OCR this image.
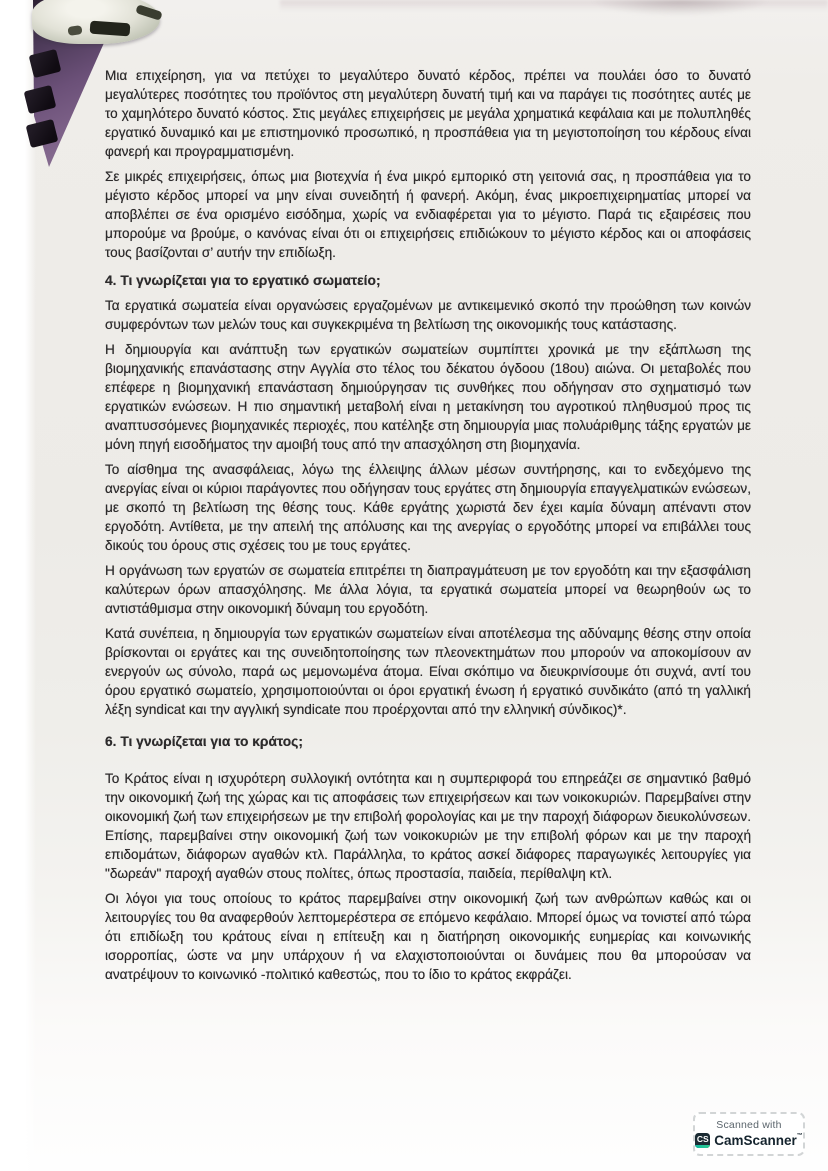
Μια επιχείρηση, για να πετύχει το μεγαλύτερο δυνατό κέρδος, πρέπει να πουλάει όσο το δυνατό μεγαλύτερες ποσότητες του προϊόντος στη μεγαλύτερη δυνατή τιμή και να παράγει τις ποσότητες αυτές με το χαμηλότερο δυνατό κόστος. Στις μεγάλες επιχειρήσεις με μεγάλα χρηματικά κεφάλαια και με πολυπληθές εργατικό δυναμικό και με επιστημονικό προσωπικό, η προσπάθεια για τη μεγιστοποίηση του κέρδους είναι φανερή και προγραμματισμένη.

Σε μικρές επιχειρήσεις, όπως μια βιοτεχνία ή ένα μικρό εμπορικό στη γειτονιά σας, η προσπάθεια για το μέγιστο κέρδος μπορεί να μην είναι συνειδητή ή φανερή. Ακόμη, ένας μικροεπιχειρηματίας μπορεί να αποβλέπει σε ένα ορισμένο εισόδημα, χωρίς να ενδιαφέρεται για το μέγιστο. Παρά τις εξαιρέσεις που μπορούμε να βρούμε, ο κανόνας είναι ότι οι επιχειρήσεις επιδιώκουν το μέγιστο κέρδος και οι αποφάσεις τους βασίζονται σ’ αυτήν την επιδίωξη.

4. Τι γνωρίζεται για το εργατικό σωματείο;

Τα εργατικά σωματεία είναι οργανώσεις εργαζομένων με αντικειμενικό σκοπό την προώθηση των κοινών συμφερόντων των μελών τους και συγκεκριμένα τη βελτίωση της οικονομικής τους κατάστασης.

Η δημιουργία και ανάπτυξη των εργατικών σωματείων συμπίπτει χρονικά με την εξάπλωση της βιομηχανικής επανάστασης στην Αγγλία στο τέλος του δέκατου όγδοου (18ου) αιώνα. Οι μεταβολές που επέφερε η βιομηχανική επανάσταση δημιούργησαν τις συνθήκες που οδήγησαν στο σχηματισμό των εργατικών ενώσεων. Η πιο σημαντική μεταβολή είναι η μετακίνηση του αγροτικού πληθυσμού προς τις αναπτυσσόμενες βιομηχανικές περιοχές, που κατέληξε στη δημιουργία μιας πολυάριθμης τάξης εργατών με μόνη πηγή εισοδήματος την αμοιβή τους από την απασχόληση στη βιομηχανία.

Το αίσθημα της ανασφάλειας, λόγω της έλλειψης άλλων μέσων συντήρησης, και το ενδεχόμενο της ανεργίας είναι οι κύριοι παράγοντες που οδήγησαν τους εργάτες στη δημιουργία επαγγελματικών ενώσεων, με σκοπό τη βελτίωση της θέσης τους. Κάθε εργάτης χωριστά δεν έχει καμία δύναμη απέναντι στον εργοδότη. Αντίθετα, με την απειλή της απόλυσης και της ανεργίας ο εργοδότης μπορεί να επιβάλλει τους δικούς του όρους στις σχέσεις του με τους εργάτες.

Η οργάνωση των εργατών σε σωματεία επιτρέπει τη διαπραγμάτευση με τον εργοδότη και την εξασφάλιση καλύτερων όρων απασχόλησης. Με άλλα λόγια, τα εργατικά σωματεία μπορεί να θεωρηθούν ως το αντιστάθμισμα στην οικονομική δύναμη του εργοδότη.

Κατά συνέπεια, η δημιουργία των εργατικών σωματείων είναι αποτέλεσμα της αδύναμης θέσης στην οποία βρίσκονται οι εργάτες και της συνειδητοποίησης των πλεονεκτημάτων που μπορούν να αποκομίσουν αν ενεργούν ως σύνολο, παρά ως μεμονωμένα άτομα. Είναι σκόπιμο να διευκρινίσουμε ότι συχνά, αντί του όρου εργατικό σωματείο, χρησιμοποιούνται οι όροι εργατική ένωση ή εργατικό συνδικάτο (από τη γαλλική λέξη syndicat και την αγγλική syndicate που προέρχονται από την ελληνική σύνδικος)*.

6. Τι γνωρίζεται για το κράτος;

Το Κράτος είναι η ισχυρότερη συλλογική οντότητα και η συμπεριφορά του επηρεάζει σε σημαντικό βαθμό την οικονομική ζωή της χώρας και τις αποφάσεις των επιχειρήσεων και των νοικοκυριών. Παρεμβαίνει στην οικονομική ζωή των επιχειρήσεων με την επιβολή φορολογίας και με την παροχή διάφορων διευκολύνσεων. Επίσης, παρεμβαίνει στην οικονομική ζωή των νοικοκυριών με την επιβολή φόρων και με την παροχή επιδομάτων, διάφορων αγαθών κτλ. Παράλληλα, το κράτος ασκεί διάφορες παραγωγικές λειτουργίες για "δωρεάν" παροχή αγαθών στους πολίτες, όπως προστασία, παιδεία, περίθαλψη κτλ.

Οι λόγοι για τους οποίους το κράτος παρεμβαίνει στην οικονομική ζωή των ανθρώπων καθώς και οι λειτουργίες του θα αναφερθούν λεπτομερέστερα σε επόμενο κεφάλαιο. Μπορεί όμως να τονιστεί από τώρα ότι επιδίωξη του κράτους είναι η επίτευξη και η διατήρηση οικονομικής ευημερίας και κοινωνικής ισορροπίας, ώστε να μην υπάρχουν ή να ελαχιστοποιούνται οι δυνάμεις που θα μπορούσαν να ανατρέψουν το κοινωνικό -πολιτικό καθεστώς, που το ίδιο το κράτος εκφράζει.

Scanned with
CS CamScanner™
